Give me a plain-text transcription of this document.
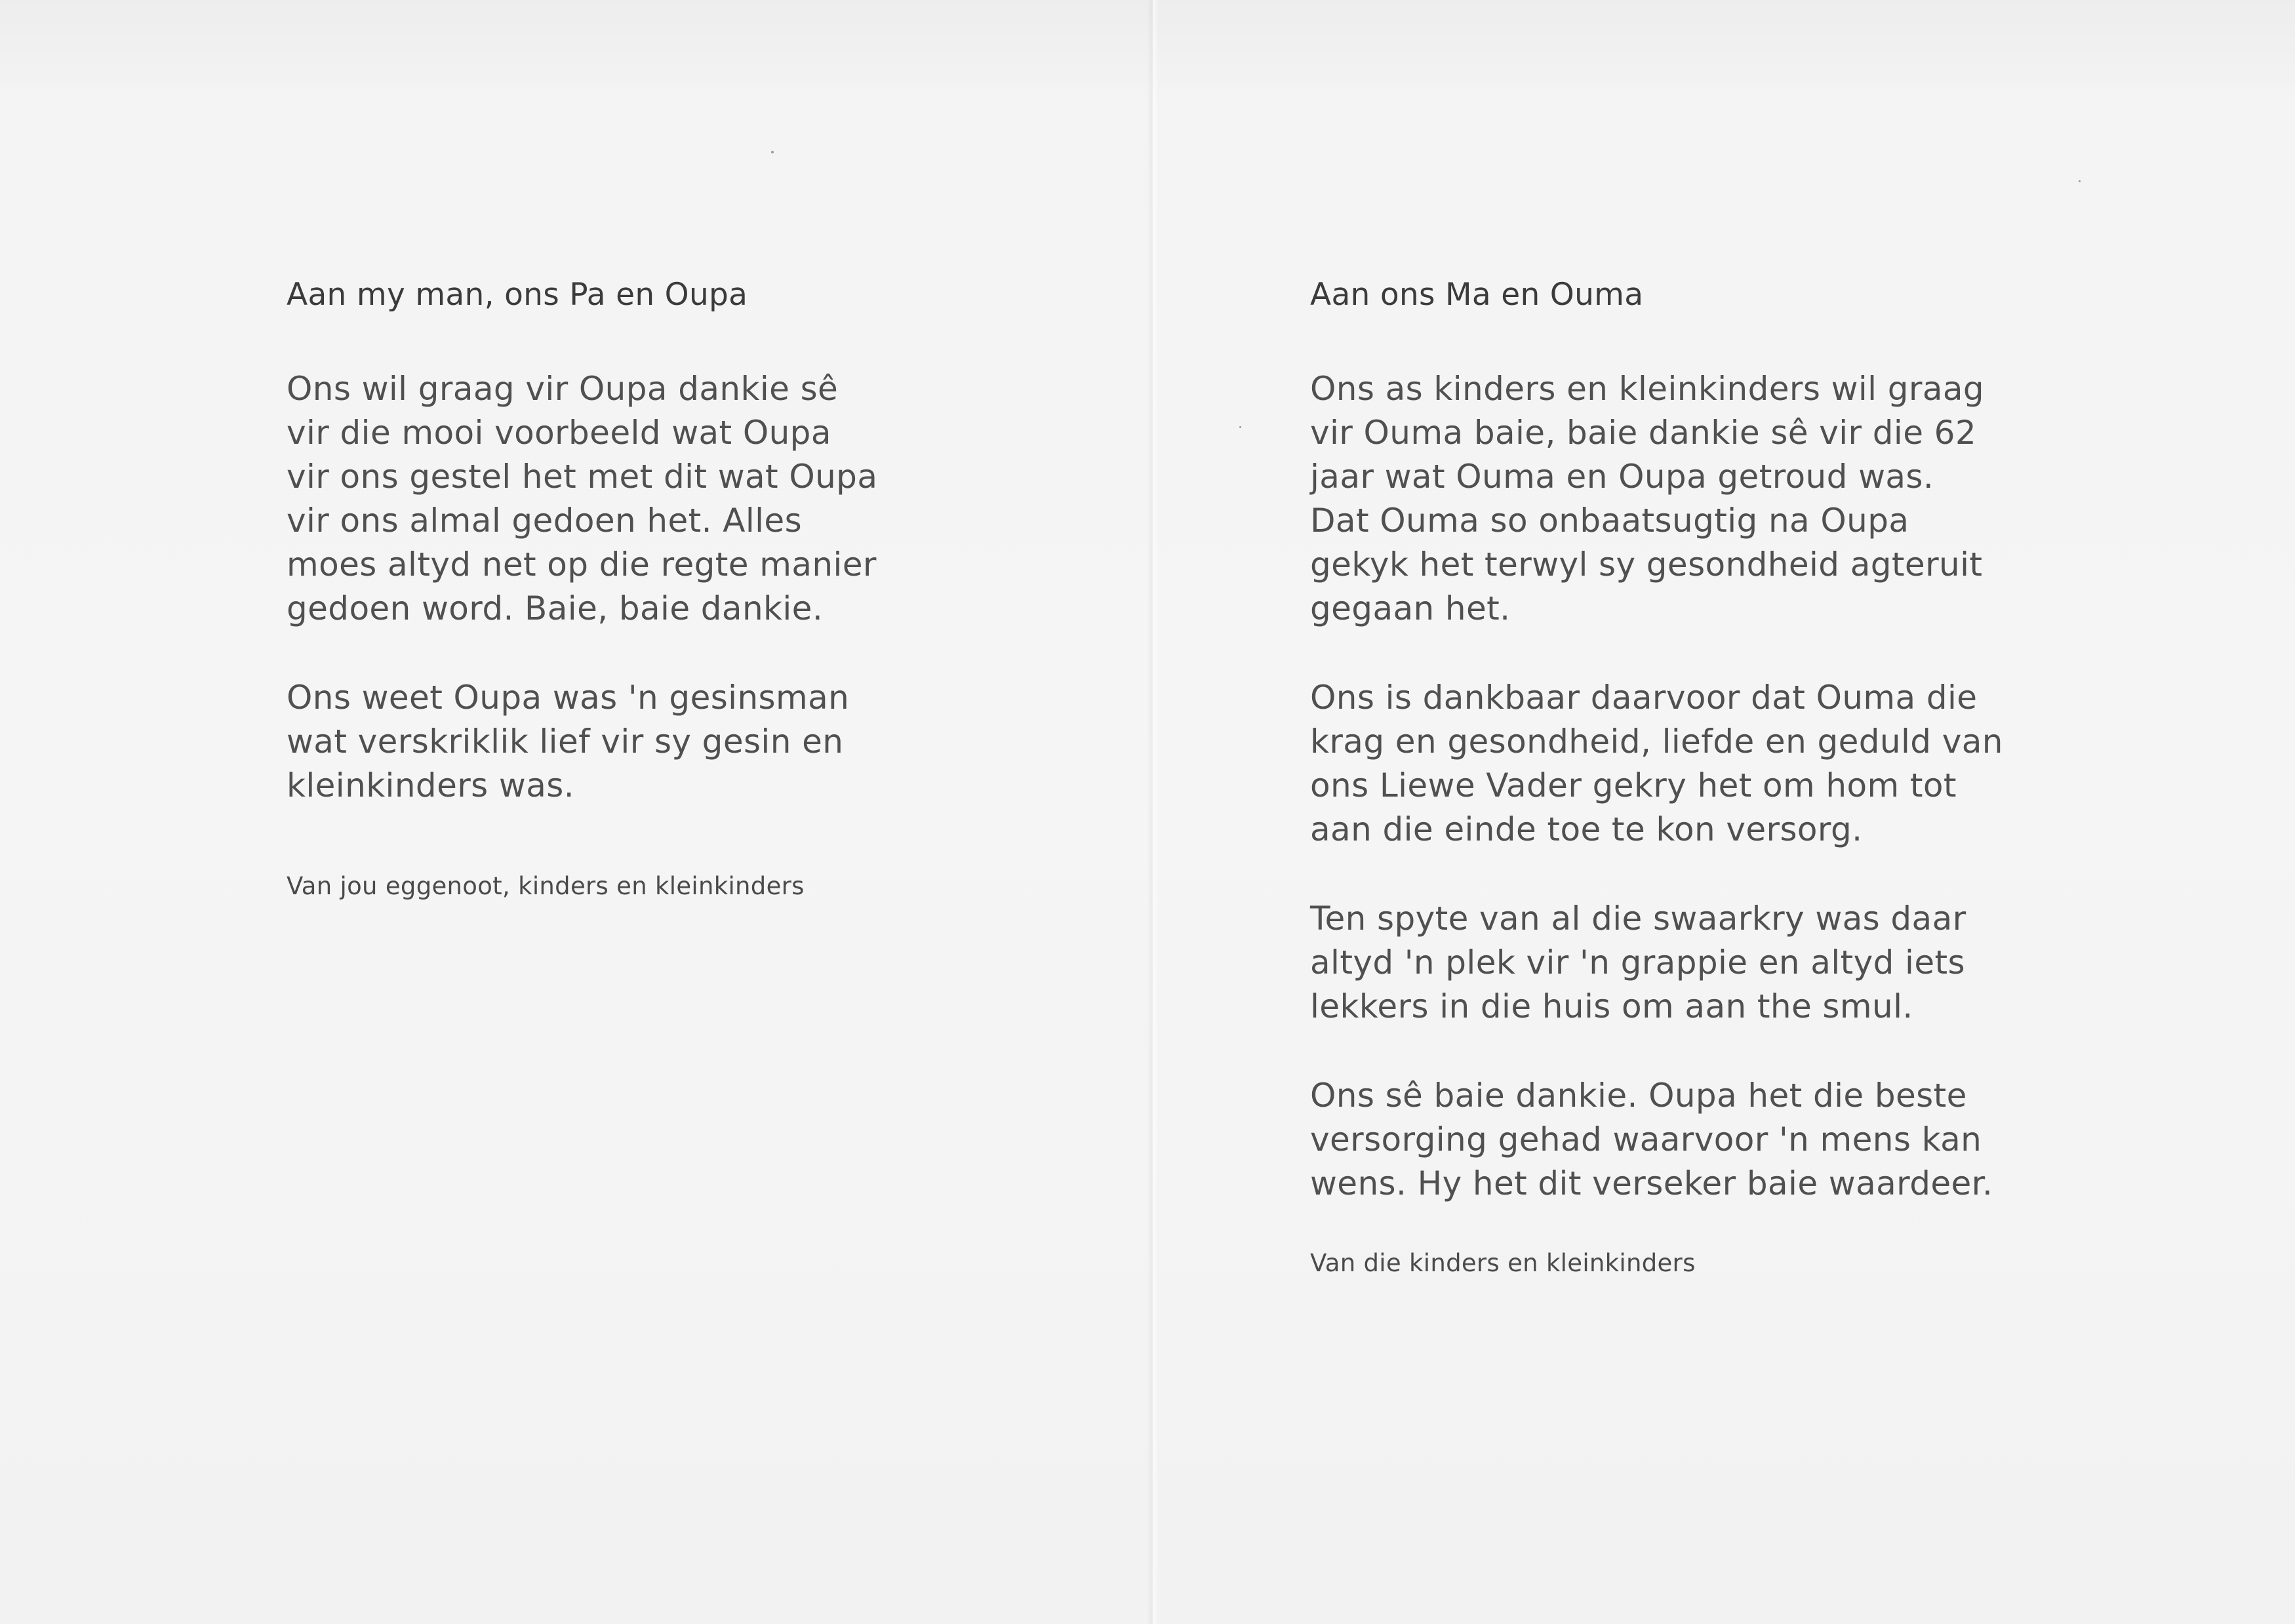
Aan my man, ons Pa en Oupa

Ons wil graag vir Oupa dankie sê
vir die mooi voorbeeld wat Oupa
vir ons gestel het met dit wat Oupa
vir ons almal gedoen het. Alles
moes altyd net op die regte manier
gedoen word. Baie, baie dankie.

Ons weet Oupa was 'n gesinsman
wat verskriklik lief vir sy gesin en
kleinkinders was.

Van jou eggenoot, kinders en kleinkinders

Aan ons Ma en Ouma

Ons as kinders en kleinkinders wil graag
vir Ouma baie, baie dankie sê vir die 62
jaar wat Ouma en Oupa getroud was.
Dat Ouma so onbaatsugtig na Oupa
gekyk het terwyl sy gesondheid agteruit
gegaan het.

Ons is dankbaar daarvoor dat Ouma die
krag en gesondheid, liefde en geduld van
ons Liewe Vader gekry het om hom tot
aan die einde toe te kon versorg.

Ten spyte van al die swaarkry was daar
altyd 'n plek vir 'n grappie en altyd iets
lekkers in die huis om aan the smul.

Ons sê baie dankie. Oupa het die beste
versorging gehad waarvoor 'n mens kan
wens. Hy het dit verseker baie waardeer.

Van die kinders en kleinkinders
